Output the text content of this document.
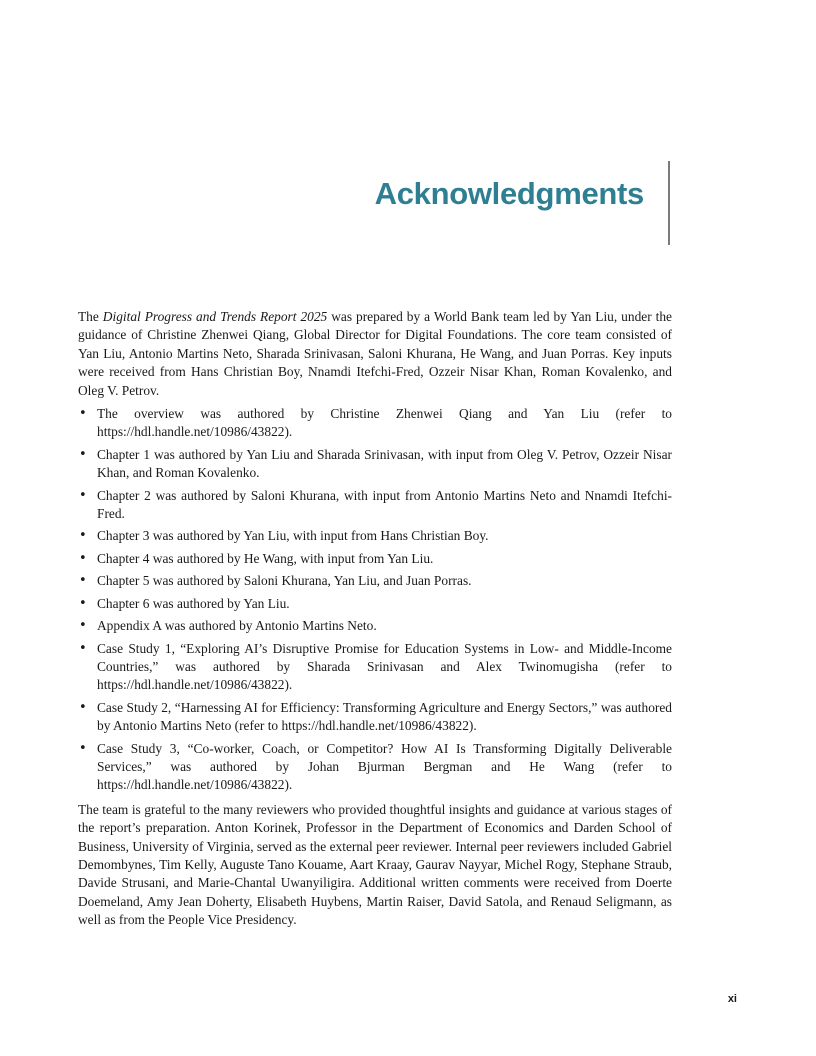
Acknowledgments

The Digital Progress and Trends Report 2025 was prepared by a World Bank team led by Yan Liu, under the guidance of Christine Zhenwei Qiang, Global Director for Digital Foundations. The core team consisted of Yan Liu, Antonio Martins Neto, Sharada Srinivasan, Saloni Khurana, He Wang, and Juan Porras. Key inputs were received from Hans Christian Boy, Nnamdi Itefchi-Fred, Ozzeir Nisar Khan, Roman Kovalenko, and Oleg V. Petrov.

• The overview was authored by Christine Zhenwei Qiang and Yan Liu (refer to https://hdl.handle.net/10986/43822).
• Chapter 1 was authored by Yan Liu and Sharada Srinivasan, with input from Oleg V. Petrov, Ozzeir Nisar Khan, and Roman Kovalenko.
• Chapter 2 was authored by Saloni Khurana, with input from Antonio Martins Neto and Nnamdi Itefchi-Fred.
• Chapter 3 was authored by Yan Liu, with input from Hans Christian Boy.
• Chapter 4 was authored by He Wang, with input from Yan Liu.
• Chapter 5 was authored by Saloni Khurana, Yan Liu, and Juan Porras.
• Chapter 6 was authored by Yan Liu.
• Appendix A was authored by Antonio Martins Neto.
• Case Study 1, “Exploring AI’s Disruptive Promise for Education Systems in Low- and Middle-Income Countries,” was authored by Sharada Srinivasan and Alex Twinomugisha (refer to https://hdl.handle.net/10986/43822).
• Case Study 2, “Harnessing AI for Efficiency: Transforming Agriculture and Energy Sectors,” was authored by Antonio Martins Neto (refer to https://hdl.handle.net/10986/43822).
• Case Study 3, “Co-worker, Coach, or Competitor? How AI Is Transforming Digitally Deliverable Services,” was authored by Johan Bjurman Bergman and He Wang (refer to https://hdl.handle.net/10986/43822).

The team is grateful to the many reviewers who provided thoughtful insights and guidance at various stages of the report’s preparation. Anton Korinek, Professor in the Department of Economics and Darden School of Business, University of Virginia, served as the external peer reviewer. Internal peer reviewers included Gabriel Demombynes, Tim Kelly, Auguste Tano Kouame, Aart Kraay, Gaurav Nayyar, Michel Rogy, Stephane Straub, Davide Strusani, and Marie-Chantal Uwanyiligira. Additional written comments were received from Doerte Doemeland, Amy Jean Doherty, Elisabeth Huybens, Martin Raiser, David Satola, and Renaud Seligmann, as well as from the People Vice Presidency.

xi
